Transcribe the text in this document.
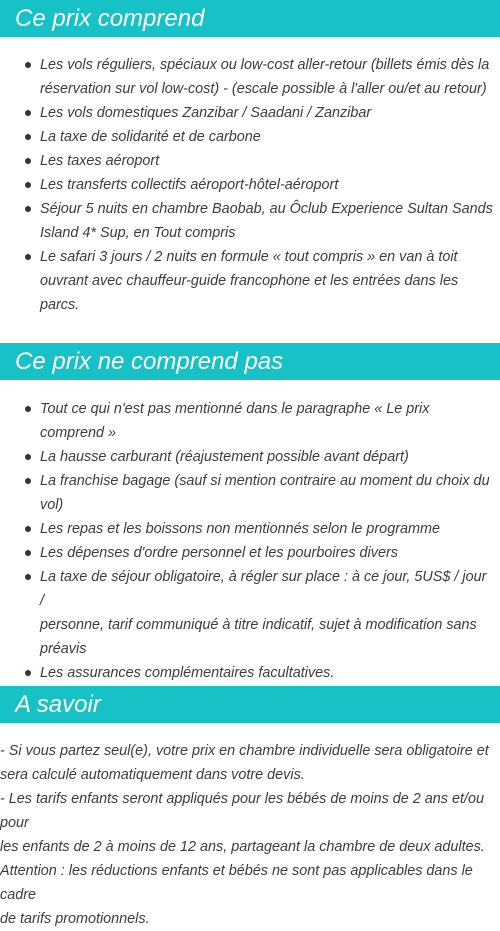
Ce prix comprend
Les vols réguliers, spéciaux ou low-cost aller-retour (billets émis dès la
réservation sur vol low-cost) - (escale possible à l'aller ou/et au retour)
Les vols domestiques Zanzibar / Saadani / Zanzibar
La taxe de solidarité et de carbone
Les taxes aéroport
Les transferts collectifs aéroport-hôtel-aéroport
Séjour 5 nuits en chambre Baobab, au Ôclub Experience Sultan Sands
Island 4* Sup, en Tout compris
Le safari 3 jours / 2 nuits en formule « tout compris » en van à toit
ouvrant avec chauffeur-guide francophone et les entrées dans les parcs.
Ce prix ne comprend pas
Tout ce qui n'est pas mentionné dans le paragraphe « Le prix comprend »
La hausse carburant (réajustement possible avant départ)
La franchise bagage (sauf si mention contraire au moment du choix du
vol)
Les repas et les boissons non mentionnés selon le programme
Les dépenses d'ordre personnel et les pourboires divers
La taxe de séjour obligatoire, à régler sur place : à ce jour, 5US$ / jour /
personne, tarif communiqué à titre indicatif, sujet à modification sans
préavis
Les assurances complémentaires facultatives.
A savoir

- Si vous partez seul(e), votre prix en chambre individuelle sera obligatoire et
sera calculé automatiquement dans votre devis.

- Les tarifs enfants seront appliqués pour les bébés de moins de 2 ans et/ou pour
les enfants de 2 à moins de 12 ans, partageant la chambre de deux adultes.

Attention : les réductions enfants et bébés ne sont pas applicables dans le cadre
de tarifs promotionnels.
